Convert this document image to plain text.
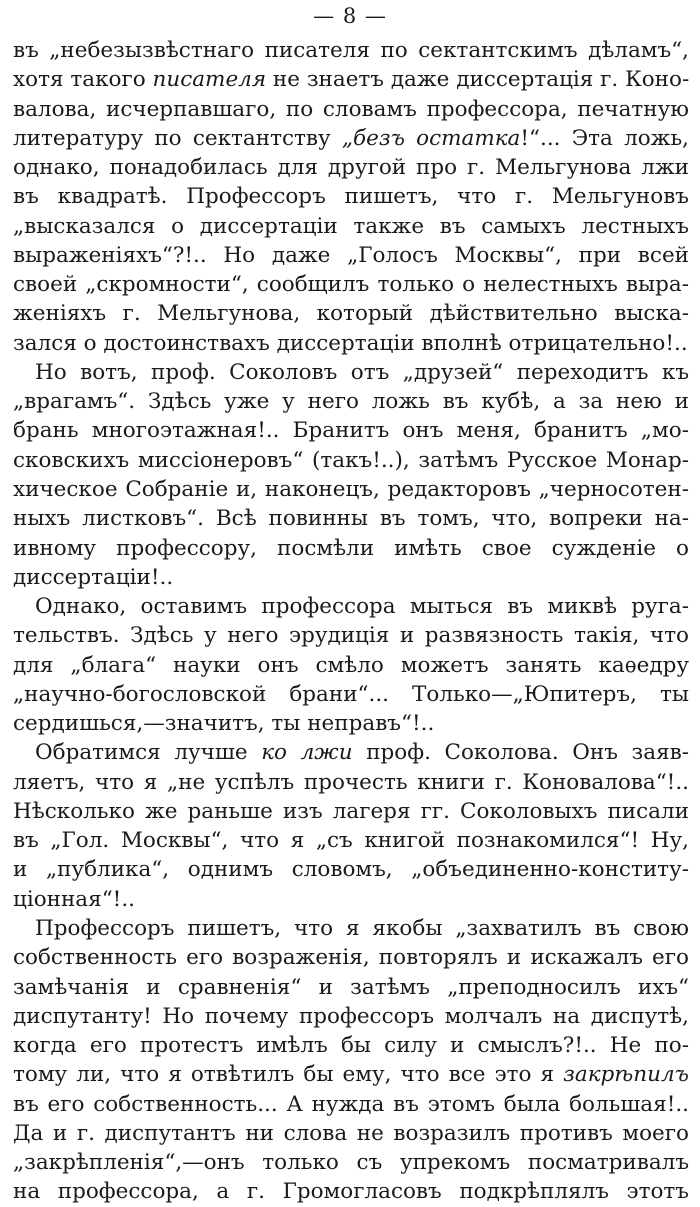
— 8 —
въ „небезызвѣстнаго писателя по сектантскимъ дѣламъ“,
хотя такого писателя не знаетъ даже диссертація г. Коно-
валова, исчерпавшаго, по словамъ профессора, печатную
литературу по сектантству „безъ остатка!“... Эта ложь,
однако, понадобилась для другой про г. Мельгунова лжи
въ квадратѣ. Профессоръ пишетъ, что г. Мельгуновъ
„высказался о диссертаціи также въ самыхъ лестныхъ
выраженіяхъ“?!.. Но даже „Голосъ Москвы“, при всей
своей „скромности“, сообщилъ только о нелестныхъ выра-
женіяхъ г. Мельгунова, который дѣйствительно выска-
зался о достоинствахъ диссертаціи вполнѣ отрицательно!..
Но вотъ, проф. Соколовъ отъ „друзей“ переходитъ къ
„врагамъ“. Здѣсь уже у него ложь въ кубѣ, а за нею и
брань многоэтажная!.. Бранитъ онъ меня, бранитъ „мо-
сковскихъ миссіонеровъ“ (такъ!..), затѣмъ Русское Монар-
хическое Собраніе и, наконецъ, редакторовъ „черносотен-
ныхъ листковъ“. Всѣ повинны въ томъ, что, вопреки на-
ивному профессору, посмѣли имѣть свое сужденіе о
диссертаціи!..
Однако, оставимъ профессора мыться въ миквѣ руга-
тельствъ. Здѣсь у него эрудиція и развязность такія, что
для „блага“ науки онъ смѣло можетъ занять каѳедру
„научно-богословской брани“... Только—„Юпитеръ, ты
сердишься,—значитъ, ты неправъ“!..
Обратимся лучше ко лжи проф. Соколова. Онъ заяв-
ляетъ, что я „не успѣлъ прочесть книги г. Коновалова“!..
Нѣсколько же раньше изъ лагеря гг. Соколовыхъ писали
въ „Гол. Москвы“, что я „съ книгой познакомился“! Ну,
и „публика“, однимъ словомъ, „объединенно-конститу-
ціонная“!..
Профессоръ пишетъ, что я якобы „захватилъ въ свою
собственность его возраженія, повторялъ и искажалъ его
замѣчанія и сравненія“ и затѣмъ „преподносилъ ихъ“
диспутанту! Но почему профессоръ молчалъ на диспутѣ,
когда его протестъ имѣлъ бы силу и смыслъ?!.. Не по-
тому ли, что я отвѣтилъ бы ему, что все это я закрѣпилъ
въ его собственность... А нужда въ этомъ была большая!..
Да и г. диспутантъ ни слова не возразилъ противъ моего
„закрѣпленія“,—онъ только съ упрекомъ посматривалъ
на профессора, а г. Громогласовъ подкрѣплялъ этотъ
